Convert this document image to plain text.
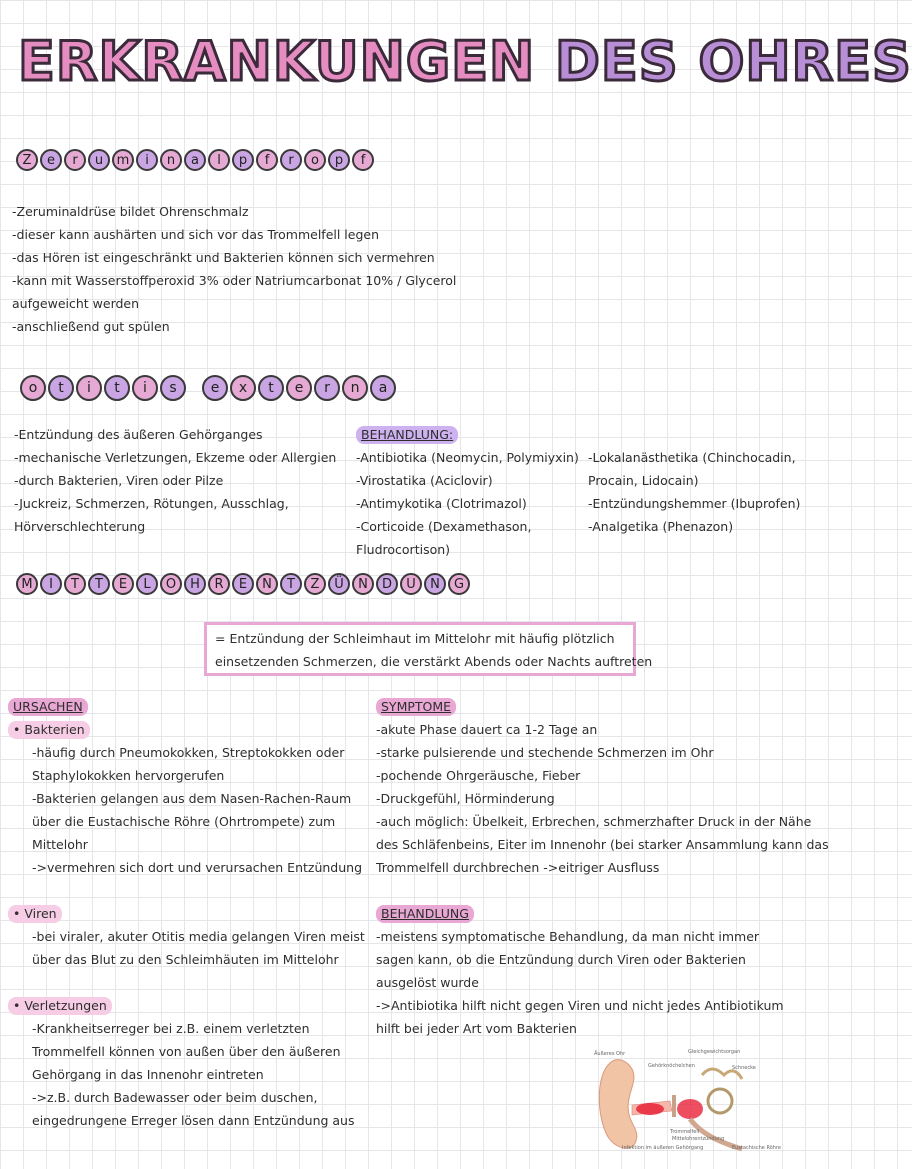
ERKRANKUNGEN DES OHRES
Z	e	r	u	m	i	n	a	l	p	f	r	o	p	f
-Zeruminaldrüse bildet Ohrenschmalz
-dieser kann aushärten und sich vor das Trommelfell legen
-das Hören ist eingeschränkt und Bakterien können sich vermehren
-kann mit Wasserstoffperoxid 3% oder Natriumcarbonat 10% / Glycerol
aufgeweicht werden
-anschließend gut spülen
o	t	i	t	i	s	e	x	t	e	r	n	a
-Entzündung des äußeren Gehörganges
-mechanische Verletzungen, Ekzeme oder Allergien
-durch Bakterien, Viren oder Pilze
-Juckreiz, Schmerzen, Rötungen, Ausschlag,
Hörverschlechterung
BEHANDLUNG:
-Antibiotika (Neomycin, Polymiyxin)
-Virostatika (Aciclovir)
-Antimykotika (Clotrimazol)
-Corticoide (Dexamethason,
Fludrocortison)
-Lokalanästhetika (Chinchocadin,
Procain, Lidocain)
-Entzündungshemmer (Ibuprofen)
-Analgetika (Phenazon)
M	I	T	T	E	L	O	H	R	E	N	T	Z	Ü	N	D	U	N	G
= Entzündung der Schleimhaut im Mittelohr mit häufig plötzlich
einsetzenden Schmerzen, die verstärkt Abends oder Nachts auftreten
URSACHEN
• Bakterien
-häufig durch Pneumokokken, Streptokokken oder
Staphylokokken hervorgerufen
-Bakterien gelangen aus dem Nasen-Rachen-Raum
über die Eustachische Röhre (Ohrtrompete) zum
Mittelohr
->vermehren sich dort und verursachen Entzündung
• Viren
-bei viraler, akuter Otitis media gelangen Viren meist
über das Blut zu den Schleimhäuten im Mittelohr
• Verletzungen
-Krankheitserreger bei z.B. einem verletzten
Trommelfell können von außen über den äußeren
Gehörgang in das Innenohr eintreten
->z.B. durch Badewasser oder beim duschen,
eingedrungene Erreger lösen dann Entzündung aus
SYMPTOME
-akute Phase dauert ca 1-2 Tage an
-starke pulsierende und stechende Schmerzen im Ohr
-pochende Ohrgeräusche, Fieber
-Druckgefühl, Hörminderung
-auch möglich: Übelkeit, Erbrechen, schmerzhafter Druck in der Nähe
des Schläfenbeins, Eiter im Innenohr (bei starker Ansammlung kann das
Trommelfell durchbrechen ->eitriger Ausfluss
BEHANDLUNG
-meistens symptomatische Behandlung, da man nicht immer
sagen kann, ob die Entzündung durch Viren oder Bakterien
ausgelöst wurde
->Antibiotika hilft nicht gegen Viren und nicht jedes Antibiotikum
hilft bei jeder Art vom Bakterien
Äußeres Ohr	Gleichgewichtsorgan
Gehörknöchelchen	Schnecke
Trommelfell
Mittelohrentzündung
Infektion im äußeren Gehörgang	Eustachische Röhre
